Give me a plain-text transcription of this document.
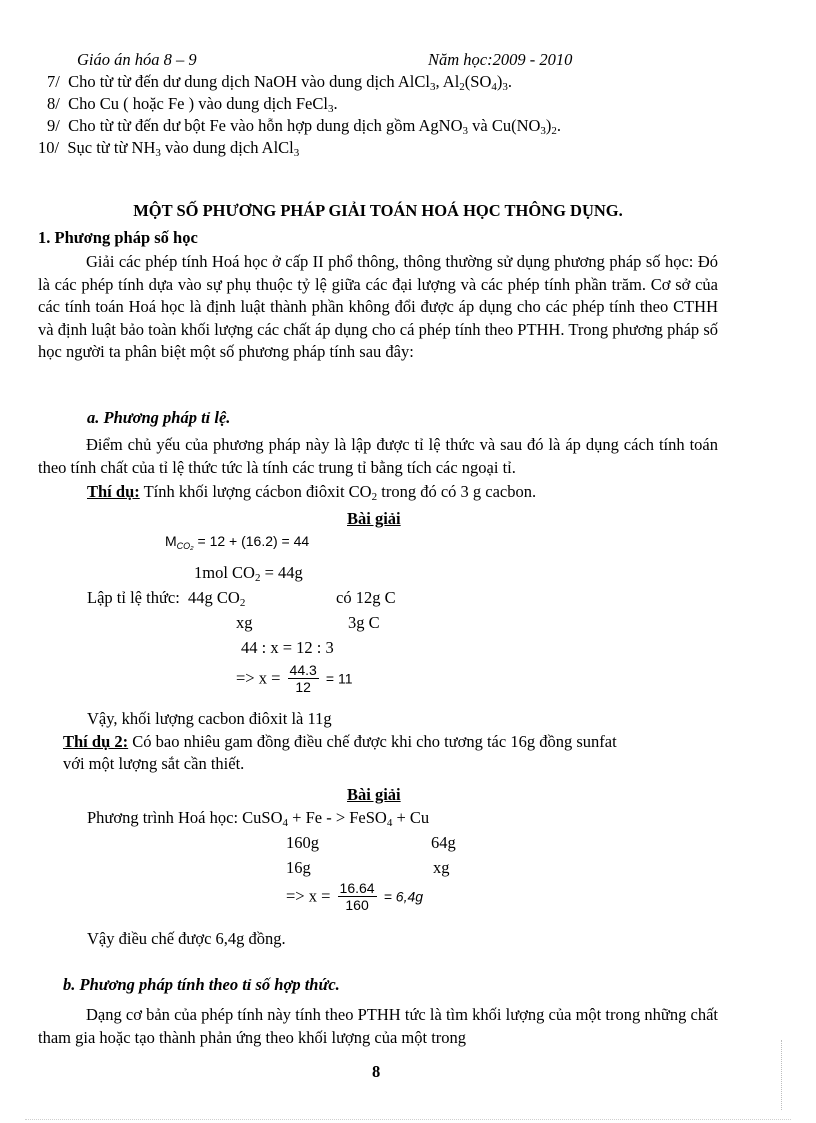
Giáo án hóa 8 – 9	Năm học:2009 - 2010
7/ Cho từ từ đến dư dung dịch NaOH vào dung dịch AlCl$_3$, $Al_2(SO_4)_3$.
8/ Cho Cu ( hoặc Fe ) vào dung dịch FeCl$_3$.
9/ Cho từ từ đến dư bột Fe vào hỗn hợp dung dịch gồm AgNO$_3$ và $Cu(NO_3)_2$.
10/ Sục từ từ $NH_3$ vào dung dịch AlCl$_3$
MỘT SỐ PHƯƠNG PHÁP GIẢI TOÁN HOÁ HỌC THÔNG DỤNG.
1. Phương pháp số học

Giải các phép tính Hoá học ở cấp II phổ thông, thông thường sử dụng phương pháp số học: Đó là các phép tính dựa vào sự phụ thuộc tỷ lệ giữa các đại lượng và các phép tính phần trăm. Cơ sở của các tính toán Hoá học là định luật thành phần không đổi được áp dụng cho các phép tính theo CTHH và định luật bảo toàn khối lượng các chất áp dụng cho cá phép tính theo PTHH. Trong phương pháp số học người ta phân biệt một số phương pháp tính sau đây:

a. Phương pháp tỉ lệ.

Điểm chủ yếu của phương pháp này là lập được tỉ lệ thức và sau đó là áp dụng cách tính toán theo tính chất của tỉ lệ thức tức là tính các trung tỉ bằng tích các ngoại tỉ.

Thí dụ: Tính khối lượng cácbon điôxit $CO_2$ trong đó có 3 g cacbon.
Bài giải
$M_{CO_2} = 12 + (16.2) = 44$
1mol $CO_2 = 44g$
Lập tỉ lệ thức: 44g $CO_2$	có 12g C
xg	3g C
44 : x = 12 : 3
=> $x = \frac{44.3}{12} = 11$
Vậy, khối lượng cacbon điôxit là 11g
Thí dụ 2: Có bao nhiêu gam đồng điều chế được khi cho tương tác 16g đồng sunfat
với một lượng sắt cần thiết.
Bài giải
Phương trình Hoá học: CuSO$_4$ + Fe - > FeSO$_4$ + Cu
160g	64g
16g	xg
=> $x = \frac{16.64}{160} = 6,4g$
Vậy điều chế được 6,4g đồng.
b. Phương pháp tính theo tỉ số hợp thức.

Dạng cơ bản của phép tính này tính theo PTHH tức là tìm khối lượng của một trong những chất tham gia hoặc tạo thành phản ứng theo khối lượng của một trong

8
